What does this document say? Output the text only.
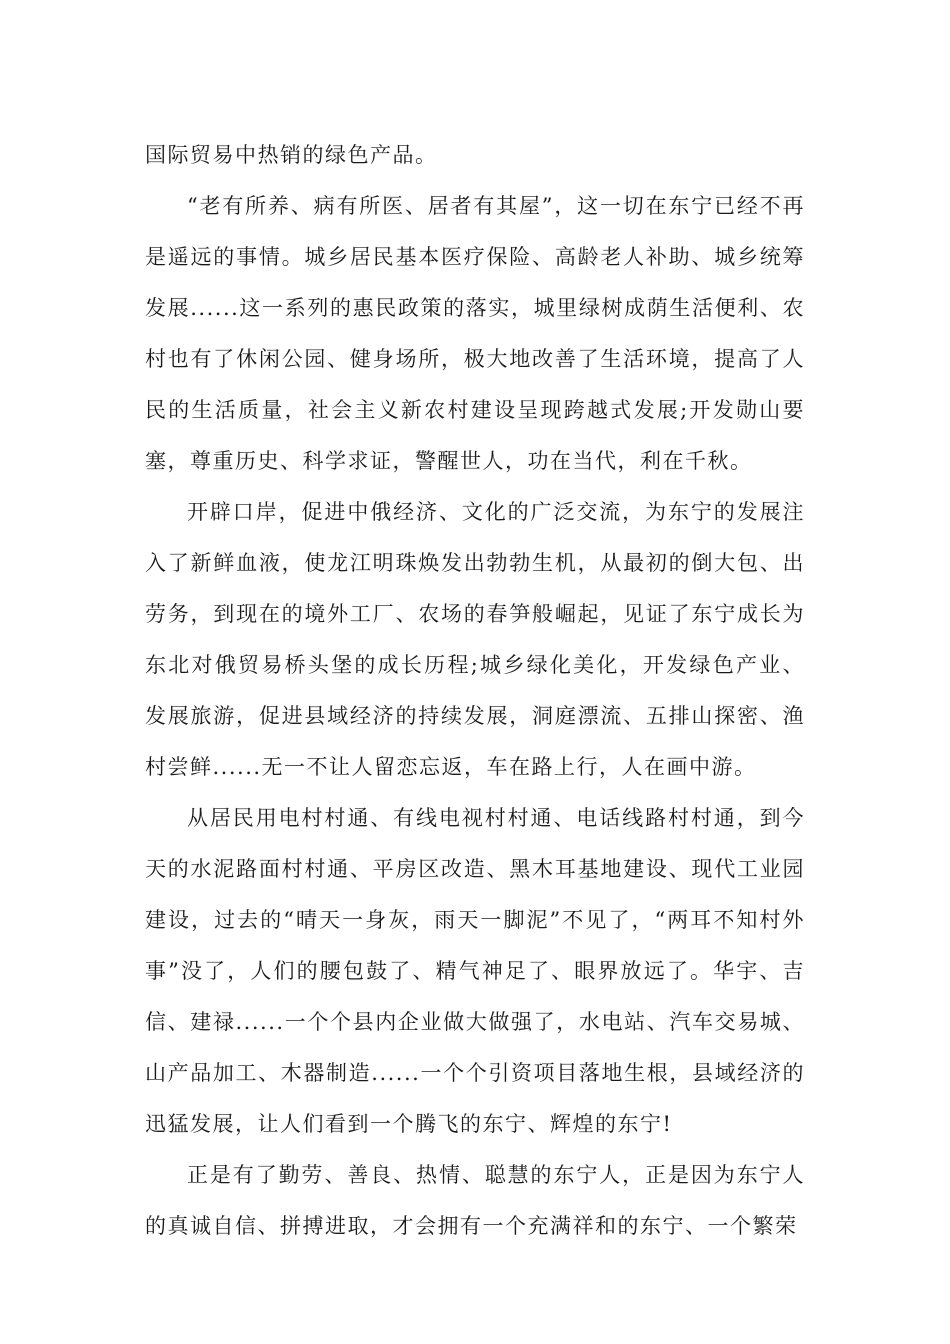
国际贸易中热销的绿色产品。

“老有所养、病有所医、居者有其屋”，这一切在东宁已经不再是遥远的事情。城乡居民基本医疗保险、高龄老人补助、城乡统筹发展......这一系列的惠民政策的落实，城里绿树成荫生活便利、农村也有了休闲公园、健身场所，极大地改善了生活环境，提高了人民的生活质量，社会主义新农村建设呈现跨越式发展;开发勋山要塞，尊重历史、科学求证，警醒世人，功在当代，利在千秋。

开辟口岸，促进中俄经济、文化的广泛交流，为东宁的发展注入了新鲜血液，使龙江明珠焕发出勃勃生机，从最初的倒大包、出劳务，到现在的境外工厂、农场的春笋般崛起，见证了东宁成长为东北对俄贸易桥头堡的成长历程;城乡绿化美化，开发绿色产业、发展旅游，促进县域经济的持续发展，洞庭漂流、五排山探密、渔村尝鲜......无一不让人留恋忘返，车在路上行，人在画中游。

从居民用电村村通、有线电视村村通、电话线路村村通，到今天的水泥路面村村通、平房区改造、黑木耳基地建设、现代工业园建设，过去的“晴天一身灰，雨天一脚泥”不见了，“两耳不知村外事”没了，人们的腰包鼓了、精气神足了、眼界放远了。华宇、吉信、建禄......一个个县内企业做大做强了，水电站、汽车交易城、山产品加工、木器制造......一个个引资项目落地生根，县域经济的迅猛发展，让人们看到一个腾飞的东宁、辉煌的东宁!

正是有了勤劳、善良、热情、聪慧的东宁人，正是因为东宁人的真诚自信、拼搏进取，才会拥有一个充满祥和的东宁、一个繁荣
